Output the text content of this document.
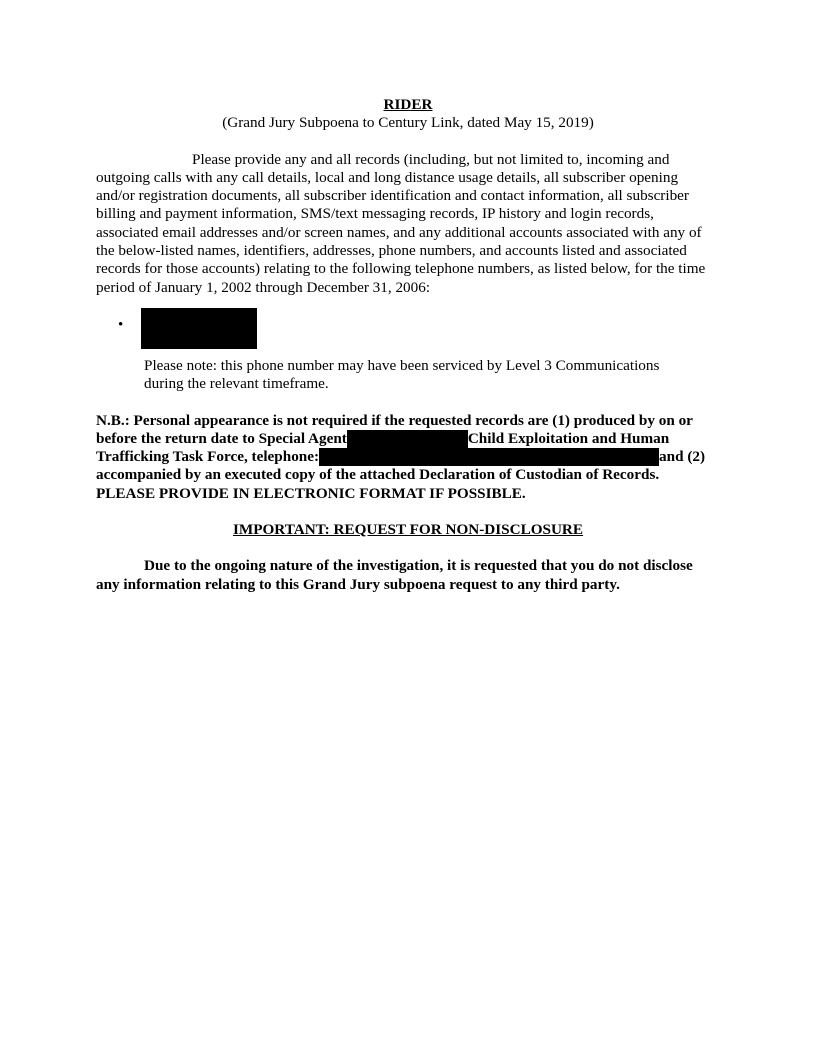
RIDER
(Grand Jury Subpoena to Century Link, dated May 15, 2019)
Please provide any and all records (including, but not limited to, incoming and outgoing calls with any call details, local and long distance usage details, all subscriber opening and/or registration documents, all subscriber identification and contact information, all subscriber billing and payment information, SMS/text messaging records, IP history and login records, associated email addresses and/or screen names, and any additional accounts associated with any of the below-listed names, identifiers, addresses, phone numbers, and accounts listed and associated records for those accounts) relating to the following telephone numbers, as listed below, for the time period of January 1, 2002 through December 31, 2006:
•
Please note: this phone number may have been serviced by Level 3 Communications
during the relevant timeframe.
N.B.: Personal appearance is not required if the requested records are (1) produced by on or before the return date to Special Agent	Child Exploitation and Human Trafficking Task Force, telephone:	and (2) accompanied by an executed copy of the attached Declaration of Custodian of Records. PLEASE PROVIDE IN ELECTRONIC FORMAT IF POSSIBLE.
IMPORTANT: REQUEST FOR NON-DISCLOSURE
Due to the ongoing nature of the investigation, it is requested that you do not disclose any information relating to this Grand Jury subpoena request to any third party.
